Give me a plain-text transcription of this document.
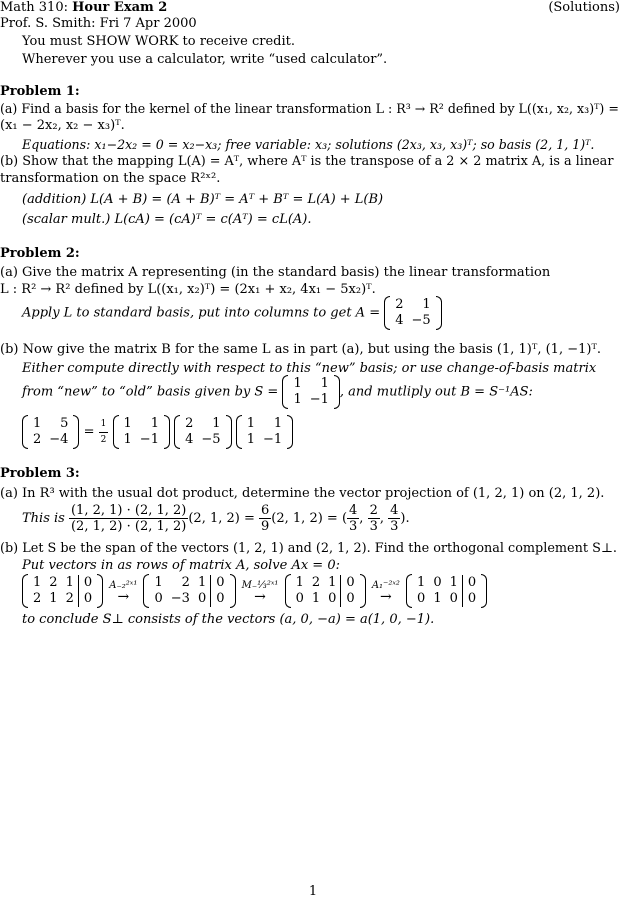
Math 310: Hour Exam 2	(Solutions)
Prof. S. Smith: Fri 7 Apr 2000
You must SHOW WORK to receive credit.
Wherever you use a calculator, write “used calculator”.
Problem 1:
(a) Find a basis for the kernel of the linear transformation L : R³ → R² defined by L((x₁, x₂, x₃)ᵀ) =
(x₁ − 2x₂, x₂ − x₃)ᵀ.
Equations: x₁−2x₂ = 0 = x₂−x₃; free variable: x₃; solutions (2x₃, x₃, x₃)ᵀ; so basis (2, 1, 1)ᵀ.
(b) Show that the mapping L(A) = Aᵀ, where Aᵀ is the transpose of a 2 × 2 matrix A, is a linear
transformation on the space R²ˣ².
(addition) L(A + B) = (A + B)ᵀ = Aᵀ + Bᵀ = L(A) + L(B)
(scalar mult.) L(cA) = (cA)ᵀ = c(Aᵀ) = cL(A).
Problem 2:
(a) Give the matrix A representing (in the standard basis) the linear transformation
L : R² → R² defined by L((x₁, x₂)ᵀ) = (2x₁ + x₂, 4x₁ − 5x₂)ᵀ.
Apply L to standard basis, put into columns to get A =
2	1
4	−5
(b) Now give the matrix B for the same L as in part (a), but using the basis (1, 1)ᵀ, (1, −1)ᵀ.
Either compute directly with respect to this “new” basis; or use change-of-basis matrix
from “new” to “old” basis given by S =
1	1
1	−1 , and mutliply out B = S⁻¹AS:
1	5
2	$-4 = \frac{1}{2}$
1	1
1	−1

2	1
4	−5

1	1
1	−1
Problem 3:
(a) In R³ with the usual dot product, determine the vector projection of (1, 2, 1) on (2, 1, 2).
This is $\frac{(1, 2, 1) \cdot (2, 1, 2)}{(2, 1, 2) \cdot (2, 1, 2)} (2$, 1, $2) = \frac{6}{9} (2$, 1, 2) = ( $\frac{4}{3}$ , $\frac{2}{3}$ , $\frac{4}{3}$ ).
(b) Let S be the span of the vectors (1, 2, 1) and (2, 1, 2). Find the orthogonal complement S⊥.
Put vectors in as rows of matrix A, solve Ax = 0:
1	2	1	0
2	1	2	0
A₋₂²ˣ¹
→

1	2	1	0
0	−3	0	0
M₋⅓²ˣ¹
→

1	2	1	0
0	1	0	0
A₁⁻²ˣ²
→

1	0	1	0
0	1	0	0
to conclude S⊥ consists of the vectors (a, 0, −a) = a(1, 0, −1).
1
